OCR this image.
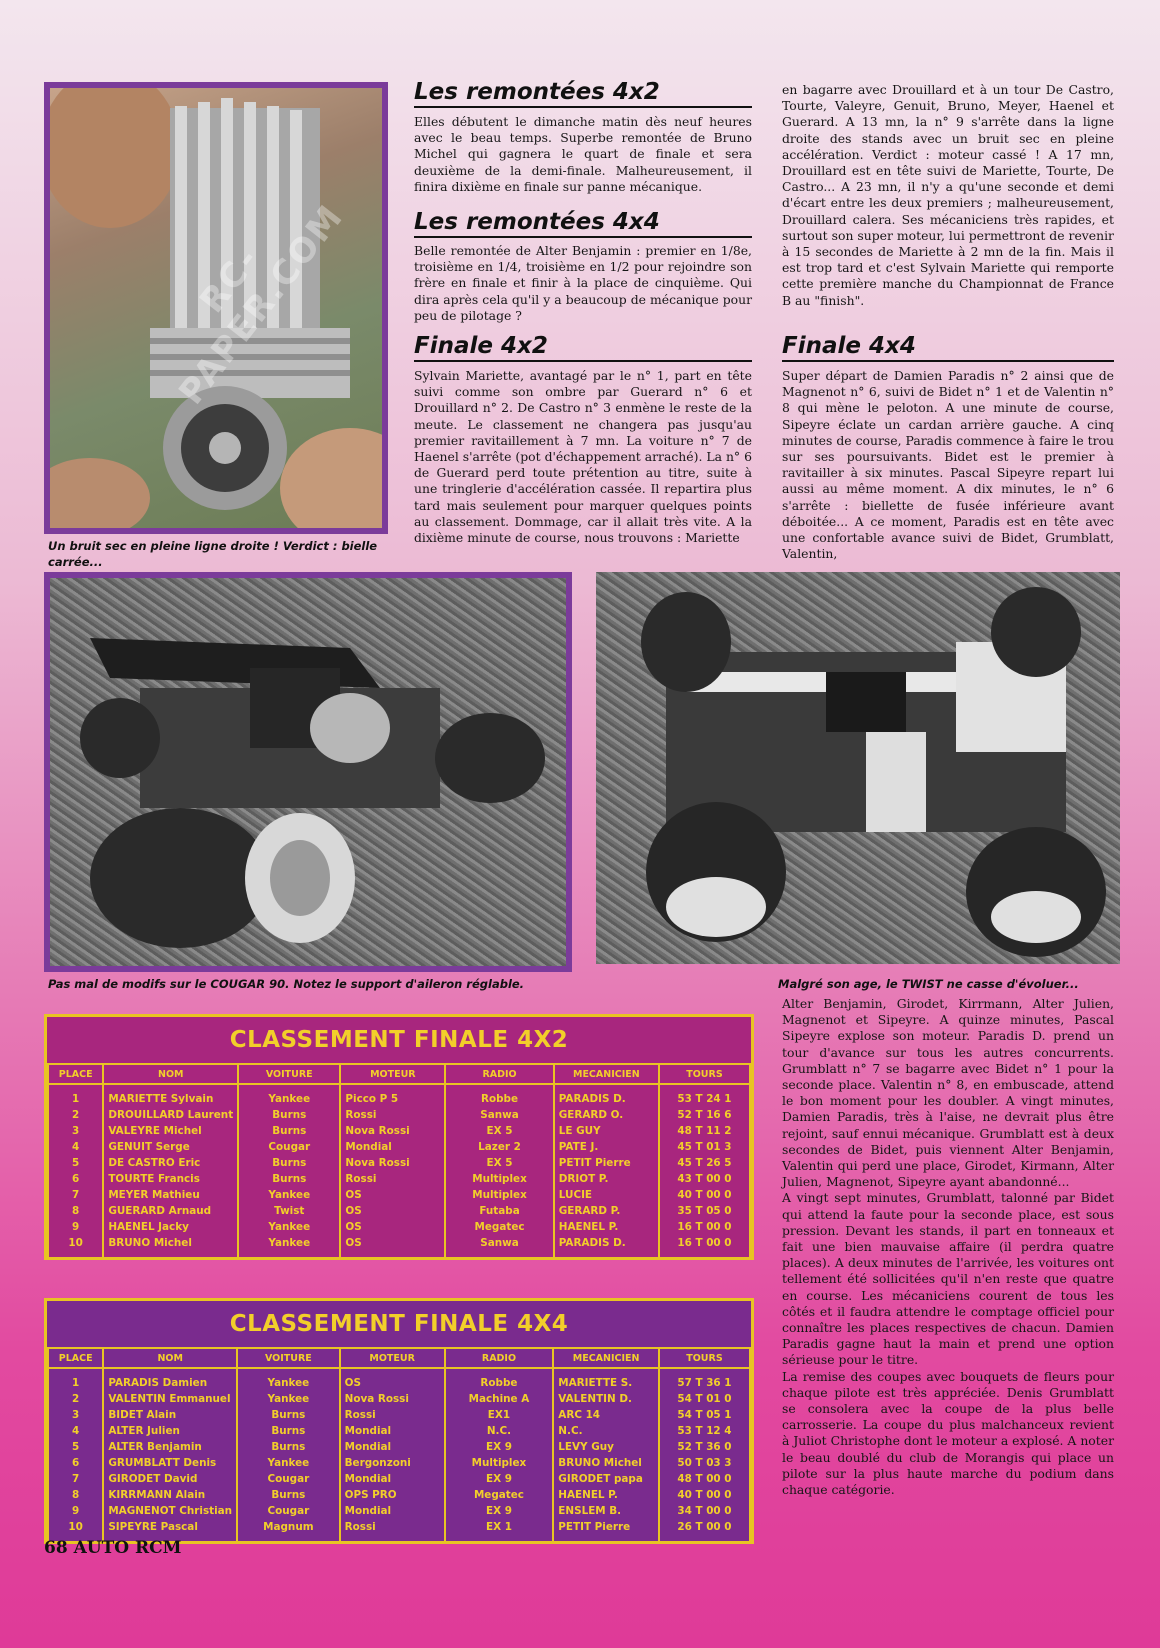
RC-PAPER.COM
Un bruit sec en pleine ligne droite ! Verdict : bielle carrée...
Les remontées 4x2

Elles débutent le dimanche matin dès neuf heures avec le beau temps. Superbe remontée de Bruno Michel qui gagnera le quart de finale et sera deuxième de la demi-finale. Malheureusement, il finira dixième en finale sur panne mécanique.

Les remontées 4x4

Belle remontée de Alter Benjamin : premier en 1/8e, troisième en 1/4, troisième en 1/2 pour rejoindre son frère en finale et finir à la place de cinquième. Qui dira après cela qu'il y a beaucoup de mécanique pour peu de pilotage ?

Finale 4x2

Sylvain Mariette, avantagé par le n° 1, part en tête suivi comme son ombre par Guerard n° 6 et Drouillard n° 2. De Castro n° 3 enmène le reste de la meute. Le classement ne changera pas jusqu'au premier ravitaillement à 7 mn. La voiture n° 7 de Haenel s'arrête (pot d'échappement arraché). La n° 6 de Guerard perd toute prétention au titre, suite à une tringlerie d'accélération cassée. Il repartira plus tard mais seulement pour marquer quelques points au classement. Dommage, car il allait très vite. A la dixième minute de course, nous trouvons : Mariette

en bagarre avec Drouillard et à un tour De Castro, Tourte, Valeyre, Genuit, Bruno, Meyer, Haenel et Guerard. A 13 mn, la n° 9 s'arrête dans la ligne droite des stands avec un bruit sec en pleine accélération. Verdict : moteur cassé ! A 17 mn, Drouillard est en tête suivi de Mariette, Tourte, De Castro... A 23 mn, il n'y a qu'une seconde et demi d'écart entre les deux premiers ; malheureusement, Drouillard calera. Ses mécaniciens très rapides, et surtout son super moteur, lui permettront de revenir à 15 secondes de Mariette à 2 mn de la fin. Mais il est trop tard et c'est Sylvain Mariette qui remporte cette première manche du Championnat de France B au "finish".

Finale 4x4

Super départ de Damien Paradis n° 2 ainsi que de Magnenot n° 6, suivi de Bidet n° 1 et de Valentin n° 8 qui mène le peloton. A une minute de course, Sipeyre éclate un cardan arrière gauche. A cinq minutes de course, Paradis commence à faire le trou sur ses poursuivants. Bidet est le premier à ravitailler à six minutes. Pascal Sipeyre repart lui aussi au même moment. A dix minutes, le n° 6 s'arrête : biellette de fusée inférieure avant déboitée... A ce moment, Paradis est en tête avec une confortable avance suivi de Bidet, Grumblatt, Valentin,

Pas mal de modifs sur le COUGAR 90. Notez le support d'aileron réglable.	Malgré son age, le TWIST ne casse d'évoluer...

Alter Benjamin, Girodet, Kirrmann, Alter Julien, Magnenot et Sipeyre. A quinze minutes, Pascal Sipeyre explose son moteur. Paradis D. prend un tour d'avance sur tous les autres concurrents. Grumblatt n° 7 se bagarre avec Bidet n° 1 pour la seconde place. Valentin n° 8, en embuscade, attend le bon moment pour les doubler. A vingt minutes, Damien Paradis, très à l'aise, ne devrait plus être rejoint, sauf ennui mécanique. Grumblatt est à deux secondes de Bidet, puis viennent Alter Benjamin, Valentin qui perd une place, Girodet, Kirmann, Alter Julien, Magnenot, Sipeyre ayant abandonné...

A vingt sept minutes, Grumblatt, talonné par Bidet qui attend la faute pour la seconde place, est sous pression. Devant les stands, il part en tonneaux et fait une bien mauvaise affaire (il perdra quatre places). A deux minutes de l'arrivée, les voitures ont tellement été sollicitées qu'il n'en reste que quatre en course. Les mécaniciens courent de tous les côtés et il faudra attendre le comptage officiel pour connaître les places respectives de chacun. Damien Paradis gagne haut la main et prend une option sérieuse pour le titre.

La remise des coupes avec bouquets de fleurs pour chaque pilote est très appréciée. Denis Grumblatt se consolera avec la coupe de la plus belle carrosserie. La coupe du plus malchanceux revient à Juliot Christophe dont le moteur a explosé. A noter le beau doublé du club de Morangis qui place un pilote sur la plus haute marche du podium dans chaque catégorie.

CLASSEMENT FINALE 4X2
PLACE	NOM	VOITURE	MOTEUR	RADIO	MECANICIEN	TOURS
1	MARIETTE Sylvain	Yankee	Picco P 5	Robbe	PARADIS D.	53 T 24 1
2	DROUILLARD Laurent	Burns	Rossi	Sanwa	GERARD O.	52 T 16 6
3	VALEYRE Michel	Burns	Nova Rossi	EX 5	LE GUY	48 T 11 2
4	GENUIT Serge	Cougar	Mondial	Lazer 2	PATE J.	45 T 01 3
5	DE CASTRO Eric	Burns	Nova Rossi	EX 5	PETIT Pierre	45 T 26 5
6	TOURTE Francis	Burns	Rossi	Multiplex	DRIOT P.	43 T 00 0
7	MEYER Mathieu	Yankee	OS	Multiplex	LUCIE	40 T 00 0
8	GUERARD Arnaud	Twist	OS	Futaba	GERARD P.	35 T 05 0
9	HAENEL Jacky	Yankee	OS	Megatec	HAENEL P.	16 T 00 0
10	BRUNO Michel	Yankee	OS	Sanwa	PARADIS D.	16 T 00 0
CLASSEMENT FINALE 4X4
PLACE	NOM	VOITURE	MOTEUR	RADIO	MECANICIEN	TOURS
1	PARADIS Damien	Yankee	OS	Robbe	MARIETTE S.	57 T 36 1
2	VALENTIN Emmanuel	Yankee	Nova Rossi	Machine A	VALENTIN D.	54 T 01 0
3	BIDET Alain	Burns	Rossi	EX1	ARC 14	54 T 05 1
4	ALTER Julien	Burns	Mondial	N.C.	N.C.	53 T 12 4
5	ALTER Benjamin	Burns	Mondial	EX 9	LEVY Guy	52 T 36 0
6	GRUMBLATT Denis	Yankee	Bergonzoni	Multiplex	BRUNO Michel	50 T 03 3
7	GIRODET David	Cougar	Mondial	EX 9	GIRODET papa	48 T 00 0
8	KIRRMANN Alain	Burns	OPS PRO	Megatec	HAENEL P.	40 T 00 0
9	MAGNENOT Christian	Cougar	Mondial	EX 9	ENSLEM B.	34 T 00 0
10	SIPEYRE Pascal	Magnum	Rossi	EX 1	PETIT Pierre	26 T 00 0
68 AUTO RCM
